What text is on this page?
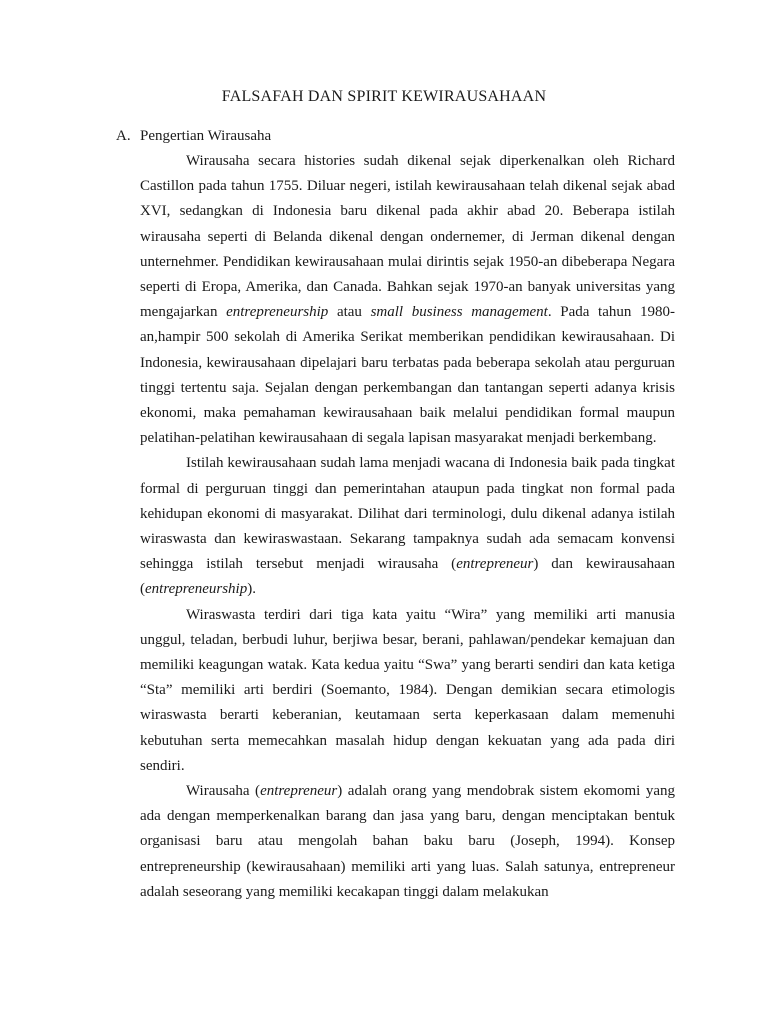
FALSAFAH DAN SPIRIT KEWIRAUSAHAAN
A. Pengertian Wirausaha

Wirausaha secara histories sudah dikenal sejak diperkenalkan oleh Richard Castillon pada tahun 1755. Diluar negeri, istilah kewirausahaan telah dikenal sejak abad XVI, sedangkan di Indonesia baru dikenal pada akhir abad 20. Beberapa istilah wirausaha seperti di Belanda dikenal dengan ondernemer, di Jerman dikenal dengan unternehmer. Pendidikan kewirausahaan mulai dirintis sejak 1950-an dibeberapa Negara seperti di Eropa, Amerika, dan Canada. Bahkan sejak 1970-an banyak universitas yang mengajarkan entrepreneurship atau small business management. Pada tahun 1980-an,hampir 500 sekolah di Amerika Serikat memberikan pendidikan kewirausahaan. Di Indonesia, kewirausahaan dipelajari baru terbatas pada beberapa sekolah atau perguruan tinggi tertentu saja. Sejalan dengan perkembangan dan tantangan seperti adanya krisis ekonomi, maka pemahaman kewirausahaan baik melalui pendidikan formal maupun pelatihan-pelatihan kewirausahaan di segala lapisan masyarakat menjadi berkembang.

Istilah kewirausahaan sudah lama menjadi wacana di Indonesia baik pada tingkat formal di perguruan tinggi dan pemerintahan ataupun pada tingkat non formal pada kehidupan ekonomi di masyarakat. Dilihat dari terminologi, dulu dikenal adanya istilah wiraswasta dan kewiraswastaan. Sekarang tampaknya sudah ada semacam konvensi sehingga istilah tersebut menjadi wirausaha (entrepreneur) dan kewirausahaan (entrepreneurship).

Wiraswasta terdiri dari tiga kata yaitu “Wira” yang memiliki arti manusia unggul, teladan, berbudi luhur, berjiwa besar, berani, pahlawan/pendekar kemajuan dan memiliki keagungan watak. Kata kedua yaitu “Swa” yang berarti sendiri dan kata ketiga “Sta” memiliki arti berdiri (Soemanto, 1984). Dengan demikian secara etimologis wiraswasta berarti keberanian, keutamaan serta keperkasaan dalam memenuhi kebutuhan serta memecahkan masalah hidup dengan kekuatan yang ada pada diri sendiri.

Wirausaha (entrepreneur) adalah orang yang mendobrak sistem ekomomi yang ada dengan memperkenalkan barang dan jasa yang baru, dengan menciptakan bentuk organisasi baru atau mengolah bahan baku baru (Joseph, 1994). Konsep entrepreneurship (kewirausahaan) memiliki arti yang luas. Salah satunya, entrepreneur adalah seseorang yang memiliki kecakapan tinggi dalam melakukan
